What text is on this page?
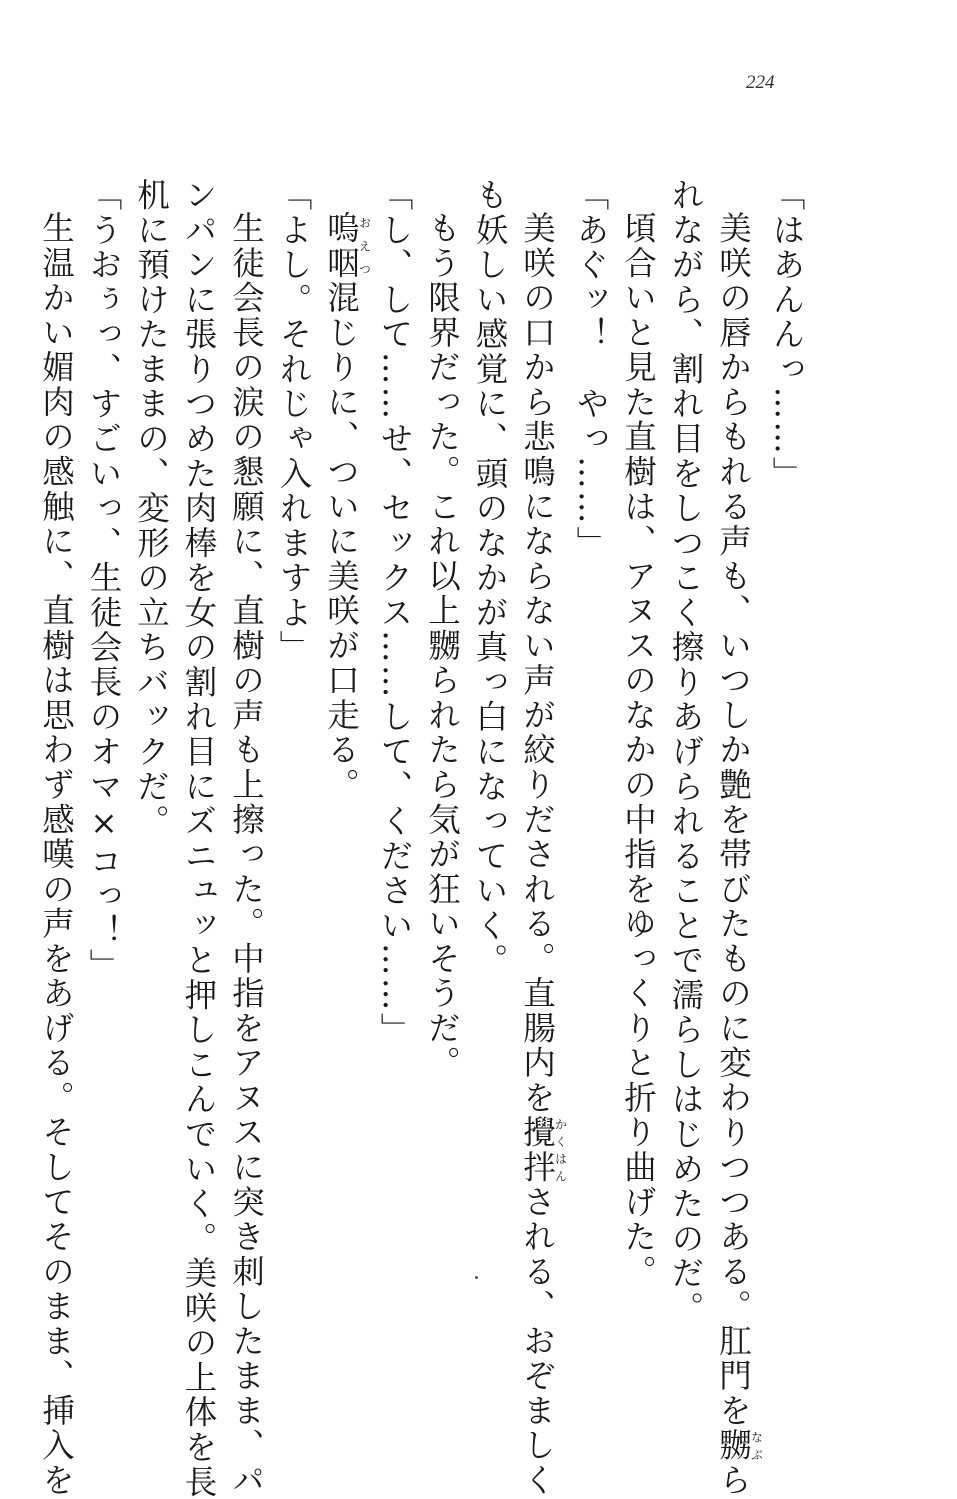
224
「はあんんっ……」
美咲の唇からもれる声も、いつしか艶を帯びたものに変わりつつある。肛門を嬲なぶら
れながら、割れ目をしつこく擦りあげられることで濡らしはじめたのだ。
頃合いと見た直樹は、アヌスのなかの中指をゆっくりと折り曲げた。
「あぐッ！　やっ……」
美咲の口から悲鳴にならない声が絞りだされる。直腸内を攪拌かくはんされる、おぞましく
も妖しい感覚に、頭のなかが真っ白になっていく。
もう限界だった。これ以上嬲られたら気が狂いそうだ。
「し、して……せ、セックス……して、ください……」
嗚咽おえつ混じりに、ついに美咲が口走る。
「よし。それじゃ入れますよ」
生徒会長の涙の懇願に、直樹の声も上擦った。中指をアヌスに突き刺したまま、パ
ンパンに張りつめた肉棒を女の割れ目にズニュッと押しこんでいく。美咲の上体を長
机に預けたままの、変形の立ちバックだ。
「うおぅっ、すごいっ、生徒会長のオマ×コっ！」
生温かい媚肉の感触に、直樹は思わず感嘆の声をあげる。そしてそのまま、挿入を
